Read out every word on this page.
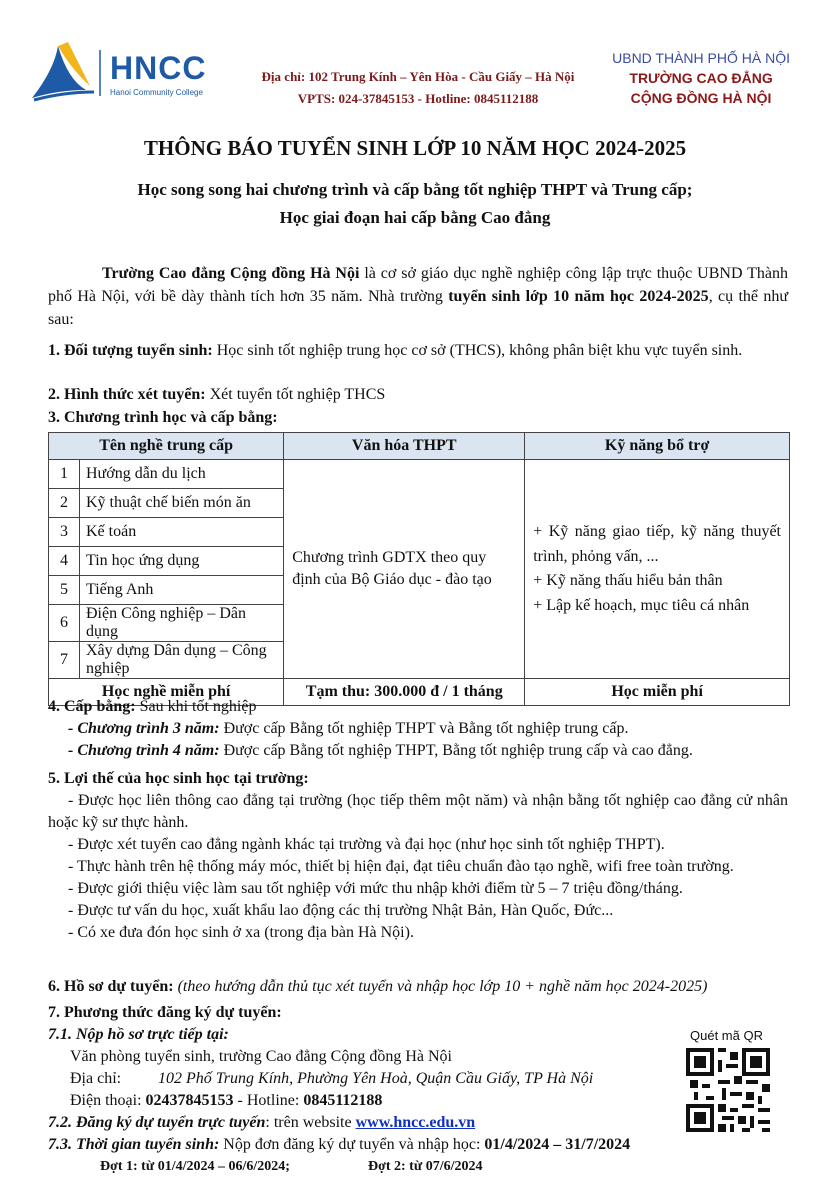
HNCC
Hanoi Community College
Địa chỉ: 102 Trung Kính – Yên Hòa - Cầu Giấy – Hà Nội
VPTS: 024-37845153 - Hotline: 0845112188
UBND THÀNH PHỐ HÀ NỘI
TRƯỜNG CAO ĐẲNG
CỘNG ĐỒNG HÀ NỘI
THÔNG BÁO TUYỂN SINH LỚP 10 NĂM HỌC 2024-2025
Học song song hai chương trình và cấp bằng tốt nghiệp THPT và Trung cấp;
Học giai đoạn hai cấp bằng Cao đẳng
Trường Cao đẳng Cộng đồng Hà Nội là cơ sở giáo dục nghề nghiệp công lập trực thuộc UBND Thành phố Hà Nội, với bề dày thành tích hơn 35 năm. Nhà trường tuyển sinh lớp 10 năm học 2024-2025, cụ thể như sau:
1. Đối tượng tuyển sinh: Học sinh tốt nghiệp trung học cơ sở (THCS), không phân biệt khu vực tuyển sinh.
2. Hình thức xét tuyển: Xét tuyển tốt nghiệp THCS
3. Chương trình học và cấp bằng:
Tên nghề trung cấp		Văn hóa THPT	Kỹ năng bổ trợ
1	Hướng dẫn du lịch	Chương trình GDTX theo quy định của Bộ Giáo dục - đào tạo	+ Kỹ năng giao tiếp, kỹ năng thuyết trình, phỏng vấn, ...
+ Kỹ năng thấu hiểu bản thân
+ Lập kế hoạch, mục tiêu cá nhân

2	Kỹ thuật chế biến món ăn		
3	Kế toán		
4	Tin học ứng dụng		
5	Tiếng Anh		
6	Điện Công nghiệp – Dân dụng		
7	Xây dựng Dân dụng – Công nghiệp		
Học nghề miễn phí		Tạm thu: 300.000 đ / 1 tháng	Học miễn phí
4. Cấp bằng: Sau khi tốt nghiệp
- Chương trình 3 năm: Được cấp Bằng tốt nghiệp THPT và Bằng tốt nghiệp trung cấp.
- Chương trình 4 năm: Được cấp Bằng tốt nghiệp THPT, Bằng tốt nghiệp trung cấp và cao đẳng.
5. Lợi thế của học sinh học tại trường:
- Được học liên thông cao đẳng tại trường (học tiếp thêm một năm) và nhận bằng tốt nghiệp cao đẳng cử nhân hoặc kỹ sư thực hành.
- Được xét tuyển cao đẳng ngành khác tại trường và đại học (như học sinh tốt nghiệp THPT).
- Thực hành trên hệ thống máy móc, thiết bị hiện đại, đạt tiêu chuẩn đào tạo nghề, wifi free toàn trường.
- Được giới thiệu việc làm sau tốt nghiệp với mức thu nhập khởi điểm từ 5 – 7 triệu đồng/tháng.
- Được tư vấn du học, xuất khẩu lao động các thị trường Nhật Bản, Hàn Quốc, Đức...
- Có xe đưa đón học sinh ở xa (trong địa bàn Hà Nội).
6. Hồ sơ dự tuyển: (theo hướng dẫn thủ tục xét tuyển và nhập học lớp 10 + nghề năm học 2024-2025)
7. Phương thức đăng ký dự tuyển:
7.1. Nộp hồ sơ trực tiếp tại:
Văn phòng tuyển sinh, trường Cao đẳng Cộng đồng Hà Nội
Địa chỉ: 102 Phố Trung Kính, Phường Yên Hoà, Quận Cầu Giấy, TP Hà Nội
Điện thoại: 02437845153 - Hotline: 0845112188
7.2. Đăng ký dự tuyển trực tuyến: trên website www.hncc.edu.vn
7.3. Thời gian tuyển sinh: Nộp đơn đăng ký dự tuyển và nhập học: 01/4/2024 – 31/7/2024
Đợt 1: từ 01/4/2024 – 06/6/2024;	Đợt 2: từ 07/6/2024
Quét mã QR
